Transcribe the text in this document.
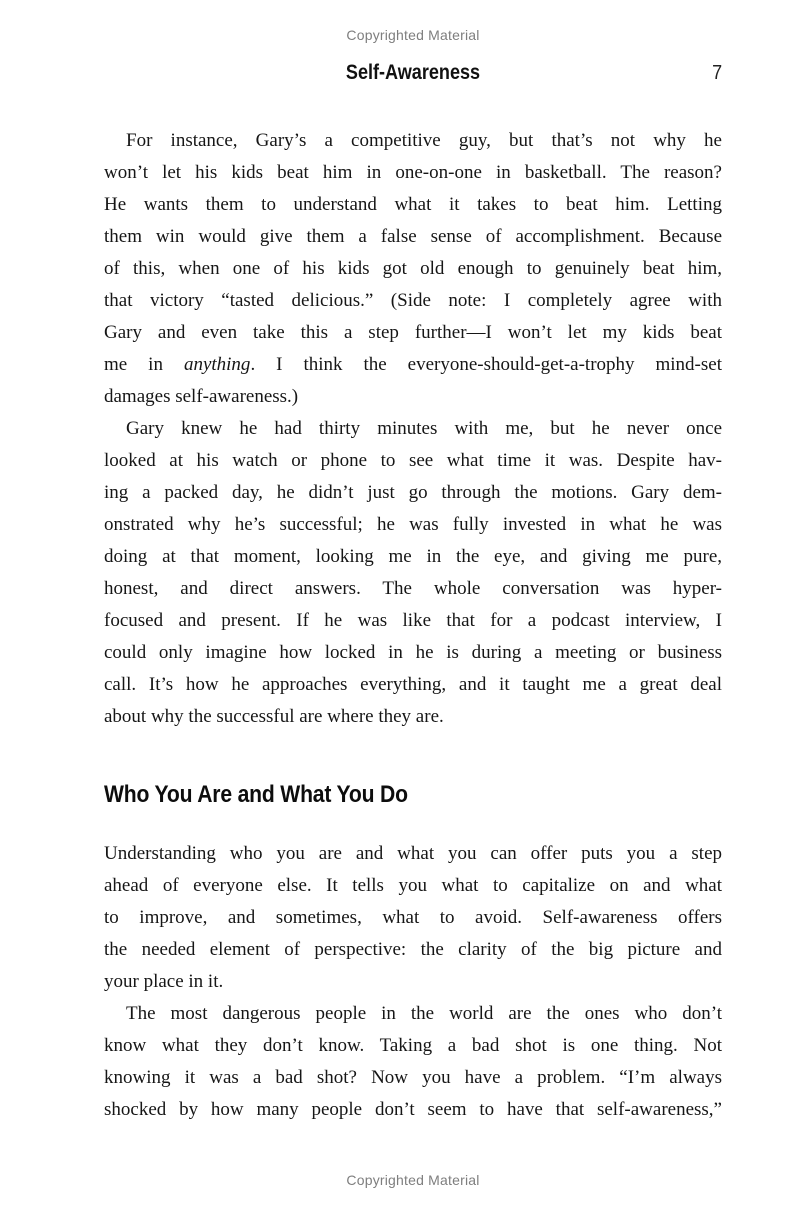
Copyrighted Material
Self-Awareness	7
For instance, Gary’s a competitive guy, but that’s not why he
won’t let his kids beat him in one-on-one in basketball. The reason?
He wants them to understand what it takes to beat him. Letting
them win would give them a false sense of accomplishment. Because
of this, when one of his kids got old enough to genuinely beat him,
that victory “tasted delicious.” (Side note: I completely agree with
Gary and even take this a step further—I won’t let my kids beat
me in anything. I think the everyone-should-get-a-trophy mind-set
damages self-awareness.)
Gary knew he had thirty minutes with me, but he never once
looked at his watch or phone to see what time it was. Despite hav-
ing a packed day, he didn’t just go through the motions. Gary dem-
onstrated why he’s successful; he was fully invested in what he was
doing at that moment, looking me in the eye, and giving me pure,
honest, and direct answers. The whole conversation was hyper-
focused and present. If he was like that for a podcast interview, I
could only imagine how locked in he is during a meeting or business
call. It’s how he approaches everything, and it taught me a great deal
about why the successful are where they are.
Who You Are and What You Do
Understanding who you are and what you can offer puts you a step
ahead of everyone else. It tells you what to capitalize on and what
to improve, and sometimes, what to avoid. Self-awareness offers
the needed element of perspective: the clarity of the big picture and
your place in it.
The most dangerous people in the world are the ones who don’t
know what they don’t know. Taking a bad shot is one thing. Not
knowing it was a bad shot? Now you have a problem. “I’m always
shocked by how many people don’t seem to have that self-awareness,”
Copyrighted Material
